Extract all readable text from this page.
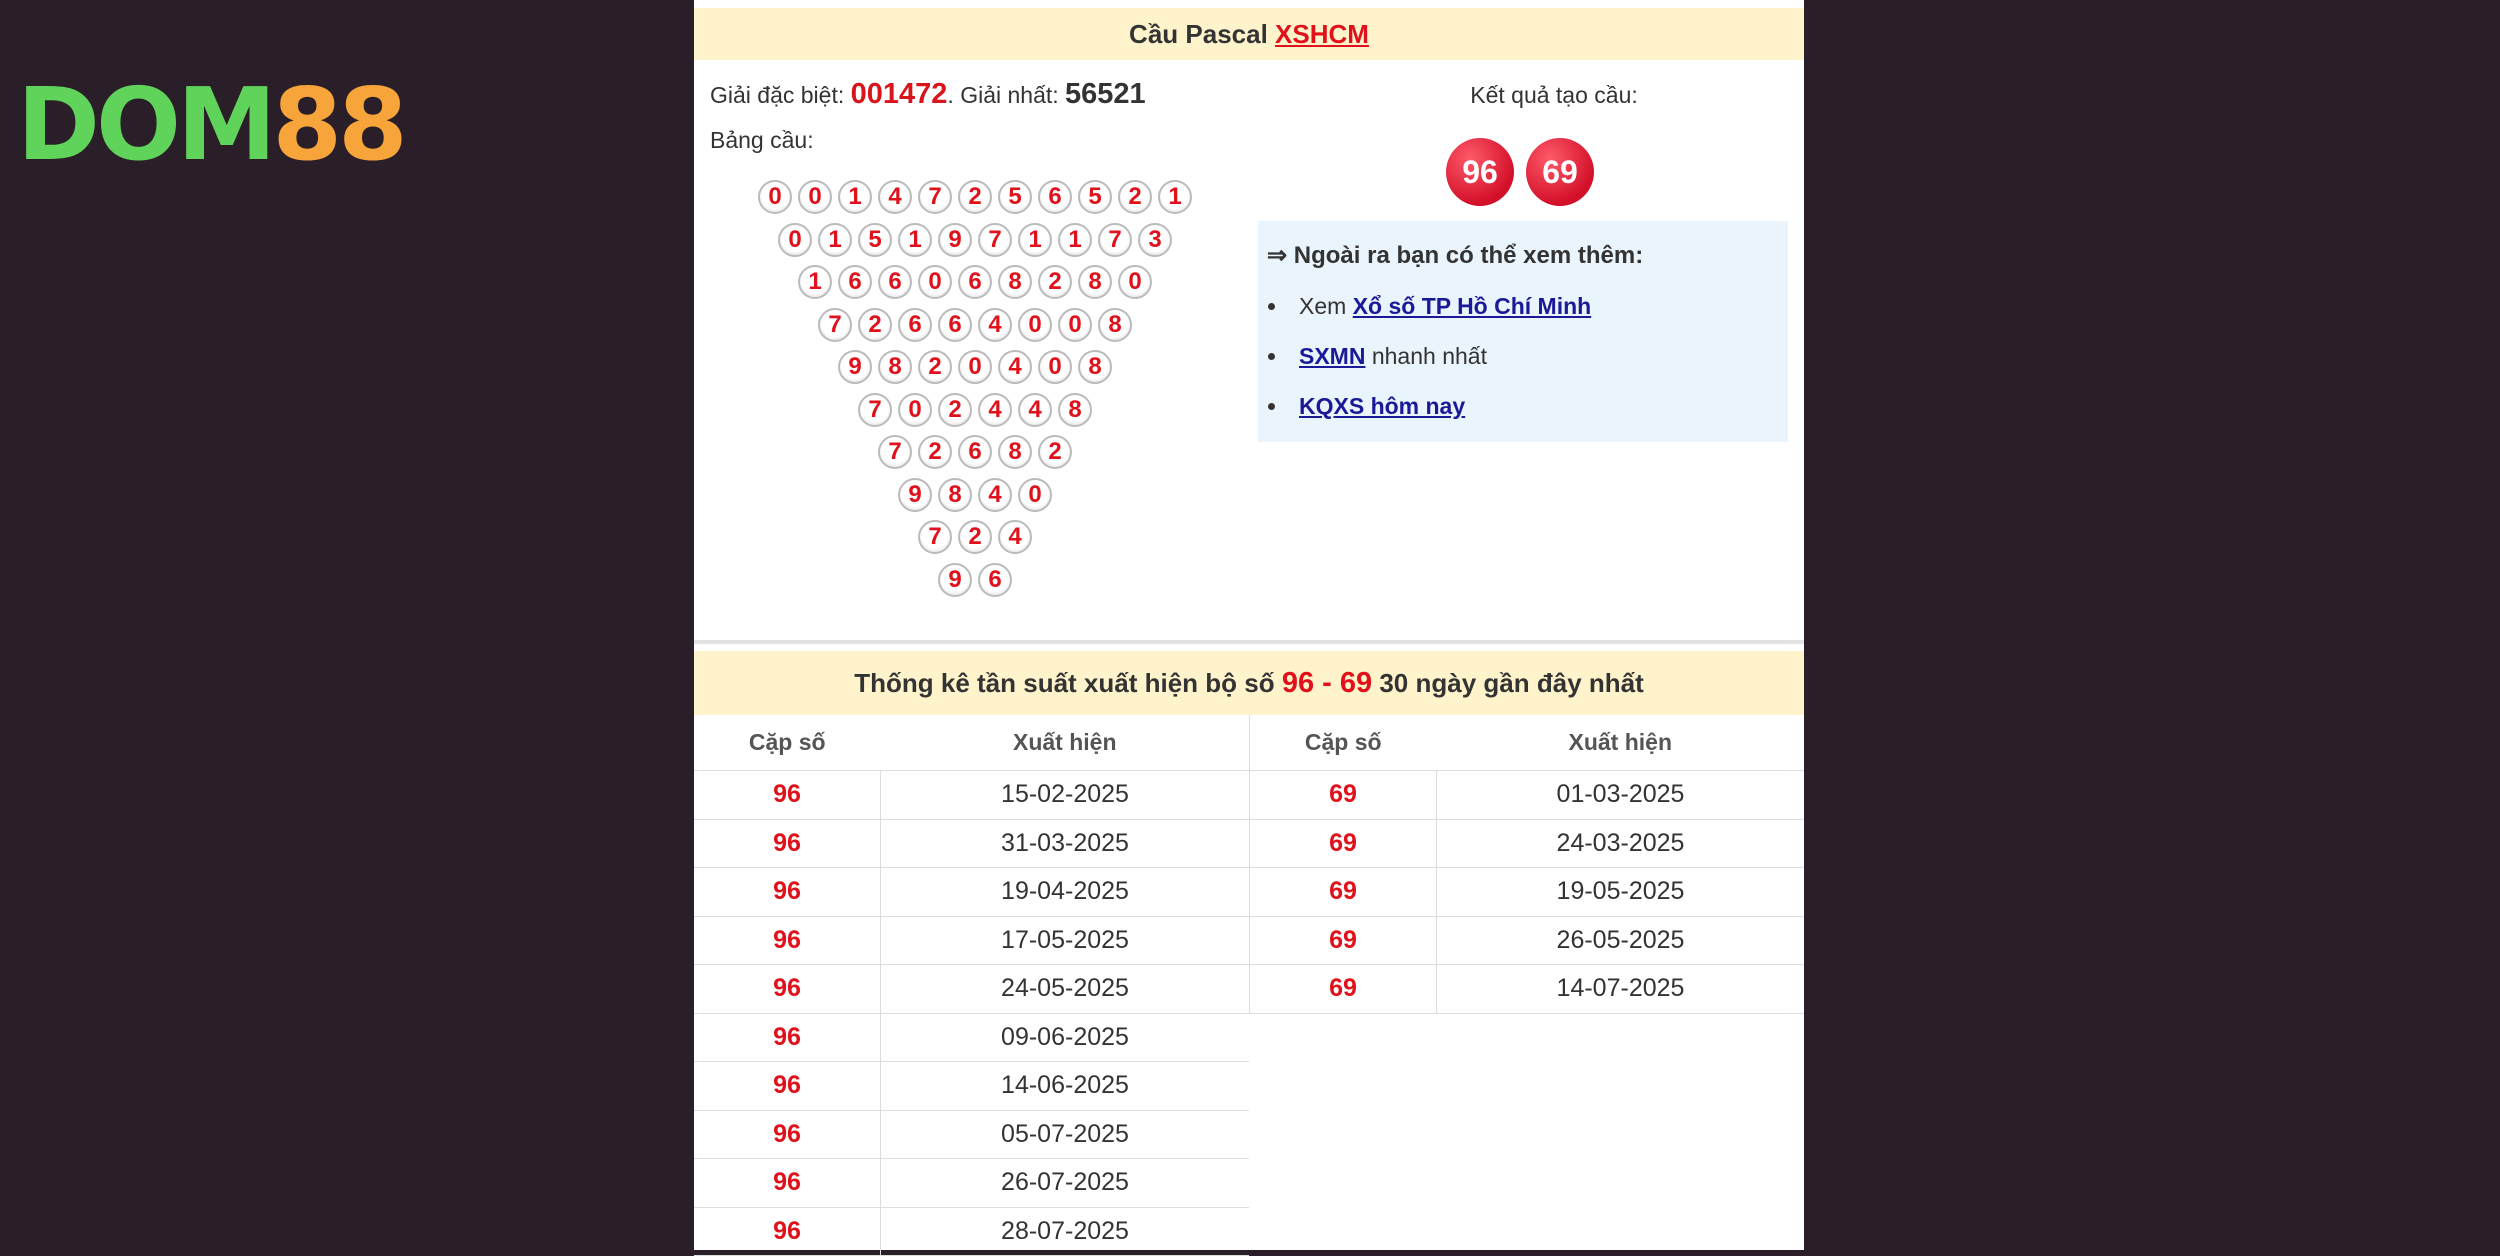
DOM88
Cầu Pascal XSHCM
Giải đặc biệt: 001472. Giải nhất: 56521
Bảng cầu:
0	0	1	4	7	2	5	6	5	2	1
0	1	5	1	9	7	1	1	7	3
1	6	6	0	6	8	2	8	0
7	2	6	6	4	0	0	8
9	8	2	0	4	0	8
7	0	2	4	4	8
7	2	6	8	2
9	8	4	0
7	2	4
9	6
Kết quả tạo cầu:
96	69
⇒ Ngoài ra bạn có thể xem thêm:
Xem Xổ số TP Hồ Chí Minh
SXMN nhanh nhất
KQXS hôm nay
Thống kê tần suất xuất hiện bộ số 96 - 69 30 ngày gần đây nhất
Cặp số	Xuất hiện
96	15-02-2025
96	31-03-2025
96	19-04-2025
96	17-05-2025
96	24-05-2025
96	09-06-2025
96	14-06-2025
96	05-07-2025
96	26-07-2025
96	28-07-2025
Cặp số	Xuất hiện
69	01-03-2025
69	24-03-2025
69	19-05-2025
69	26-05-2025
69	14-07-2025
